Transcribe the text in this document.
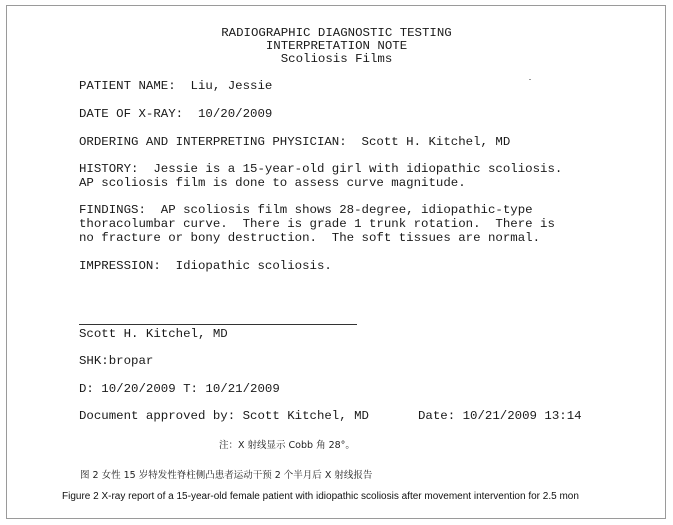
RADIOGRAPHIC DIAGNOSTIC TESTING
INTERPRETATION NOTE
Scoliosis Films
PATIENT NAME:  Liu, Jessie
DATE OF X-RAY:  10/20/2009
ORDERING AND INTERPRETING PHYSICIAN:  Scott H. Kitchel, MD
HISTORY:  Jessie is a 15-year-old girl with idiopathic scoliosis.
AP scoliosis film is done to assess curve magnitude.
FINDINGS:  AP scoliosis film shows 28-degree, idiopathic-type
thoracolumbar curve.  There is grade 1 trunk rotation.  There is
no fracture or bony destruction.  The soft tissues are normal.
IMPRESSION:  Idiopathic scoliosis.
Scott H. Kitchel, MD
SHK:bropar
D: 10/20/2009 T: 10/21/2009
Document approved by: Scott Kitchel, MD	Date: 10/21/2009 13:14
注：X 射线显示 Cobb 角 28°。
图 2 女性 15 岁特发性脊柱侧凸患者运动干预 2 个半月后 X 射线报告
Figure 2 X-ray report of a 15-year-old female patient with idiopathic scoliosis after movement intervention for 2.5 mon
